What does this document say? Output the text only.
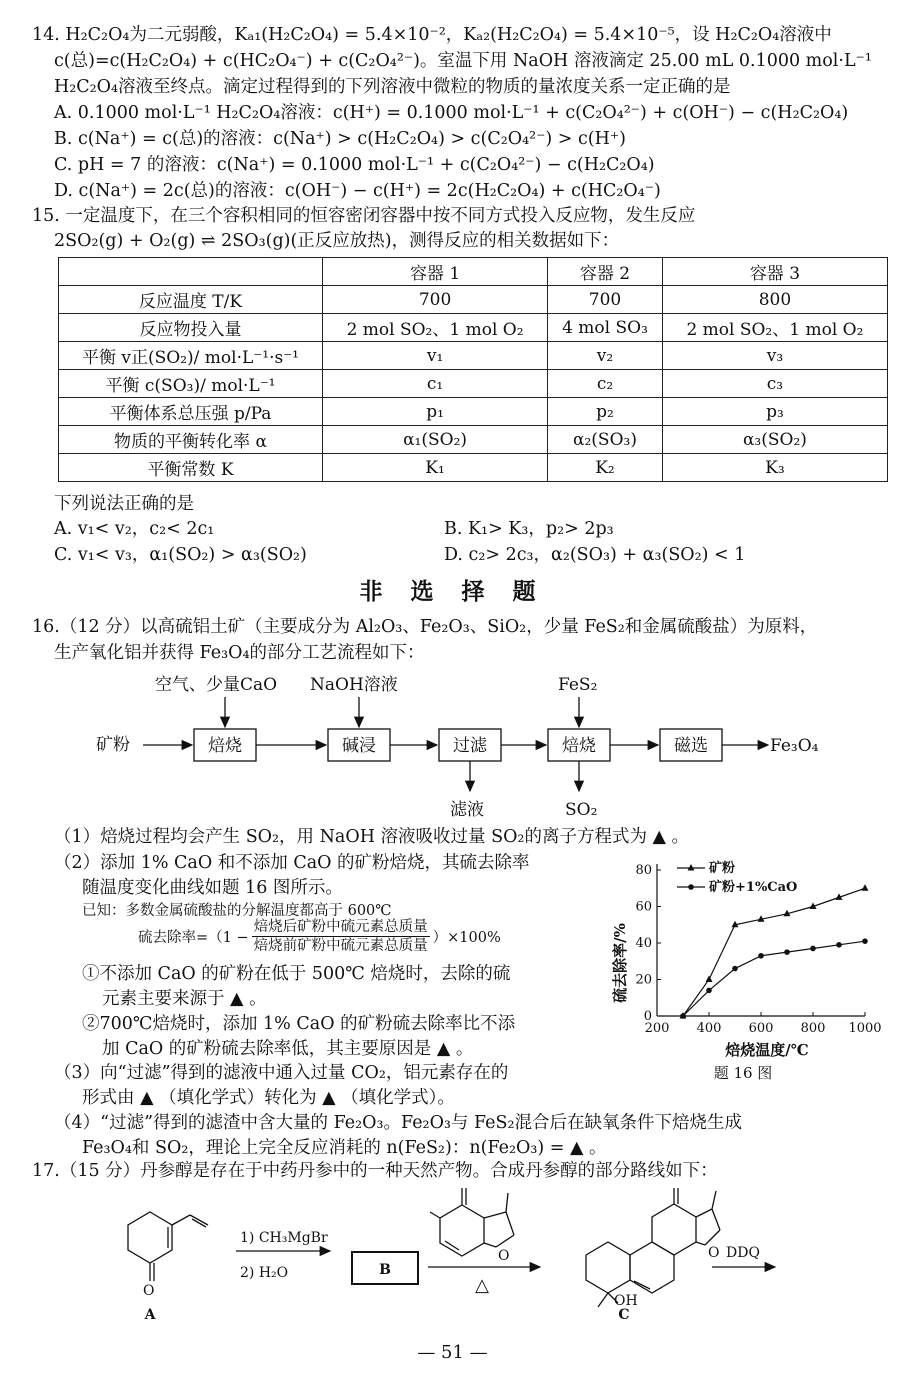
14. H₂C₂O₄为二元弱酸，Kₐ₁(H₂C₂O₄) = 5.4×10⁻²，Kₐ₂(H₂C₂O₄) = 5.4×10⁻⁵，设 H₂C₂O₄溶液中
c(总)=c(H₂C₂O₄) + c(HC₂O₄⁻) + c(C₂O₄²⁻)。室温下用 NaOH 溶液滴定 25.00 mL 0.1000 mol·L⁻¹
H₂C₂O₄溶液至终点。滴定过程得到的下列溶液中微粒的物质的量浓度关系一定正确的是
A. 0.1000 mol·L⁻¹ H₂C₂O₄溶液：c(H⁺) = 0.1000 mol·L⁻¹ + c(C₂O₄²⁻) + c(OH⁻) − c(H₂C₂O₄)
B. c(Na⁺) = c(总)的溶液：c(Na⁺) > c(H₂C₂O₄) > c(C₂O₄²⁻) > c(H⁺)
C. pH = 7 的溶液：c(Na⁺) = 0.1000 mol·L⁻¹ + c(C₂O₄²⁻) − c(H₂C₂O₄)
D. c(Na⁺) = 2c(总)的溶液：c(OH⁻) − c(H⁺) = 2c(H₂C₂O₄) + c(HC₂O₄⁻)
15. 一定温度下，在三个容积相同的恒容密闭容器中按不同方式投入反应物，发生反应
2SO₂(g) + O₂(g) ⇌ 2SO₃(g)(正反应放热)，测得反应的相关数据如下：
	容器 1	容器 2	容器 3
反应温度 T/K	700	700	800
反应物投入量	2 mol SO₂、1 mol O₂	4 mol SO₃	2 mol SO₂、1 mol O₂
平衡 v正(SO₂)/ mol·L⁻¹·s⁻¹	v₁	v₂	v₃
平衡 c(SO₃)/ mol·L⁻¹	c₁	c₂	c₃
平衡体系总压强 p/Pa	p₁	p₂	p₃
物质的平衡转化率 α	α₁(SO₂)	α₂(SO₃)	α₃(SO₂)
平衡常数 K	K₁	K₂	K₃
下列说法正确的是
A. v₁< v₂，c₂< 2c₁	B. K₁> K₃，p₂> 2p₃
C. v₁< v₃，α₁(SO₂) > α₃(SO₂)	D. c₂> 2c₃，α₂(SO₃) + α₃(SO₂) < 1
非 选 择 题
16.（12 分）以高硫铝土矿（主要成分为 Al₂O₃、Fe₂O₃、SiO₂，少量 FeS₂和金属硫酸盐）为原料，
生产氧化铝并获得 Fe₃O₄的部分工艺流程如下：
矿粉
空气、少量CaO NaOH溶液	FeS₂
Fe₃O₄
滤液	SO₂
焙烧	碱浸	过滤	焙烧	磁选
（1）焙烧过程均会产生 SO₂，用 NaOH 溶液吸收过量 SO₂的离子方程式为 ▲ 。
（2）添加 1% CaO 和不添加 CaO 的矿粉焙烧，其硫去除率
随温度变化曲线如题 16 图所示。
已知：多数金属硫酸盐的分解温度都高于 600℃
硫去除率=（1 −
焙烧后矿粉中硫元素总质量
焙烧前矿粉中硫元素总质量 ）×100%
①不添加 CaO 的矿粉在低于 500℃ 焙烧时，去除的硫
元素主要来源于 ▲ 。
②700℃焙烧时，添加 1% CaO 的矿粉硫去除率比不添
加 CaO 的矿粉硫去除率低，其主要原因是 ▲ 。
（3）向“过滤”得到的滤液中通入过量 CO₂，铝元素存在的
形式由 ▲ （填化学式）转化为 ▲ （填化学式）。
（4）“过滤”得到的滤渣中含大量的 Fe₂O₃。Fe₂O₃与 FeS₂混合后在缺氧条件下焙烧生成
Fe₃O₄和 SO₂，理论上完全反应消耗的 n(FeS₂)：n(Fe₂O₃) = ▲ 。
200 400 600 800 1000
0
20
40
60
80	矿粉
矿粉+1%CaO
硫去除率/%
焙烧温度/℃
题 16 图
17.（15 分）丹参醇是存在于中药丹参中的一种天然产物。合成丹参醇的部分路线如下：
1) CH₃MgBr
2) H₂O	B
△
DDQ
A	C
OH
O
O	O
— 51 —
